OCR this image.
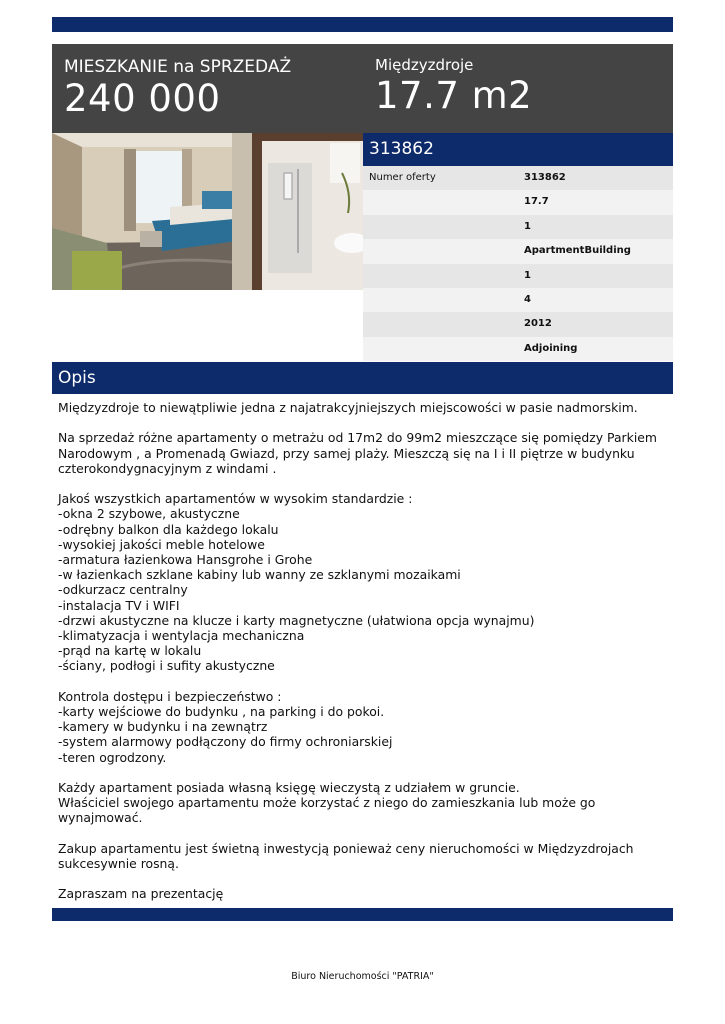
MIESZKANIE na SPRZEDAŻ
240 000
Międzyzdroje
17.7 m2
313862
Numer oferty	313862
17.7
1
ApartmentBuilding
1
4
2012
Adjoining
Opis

Międzyzdroje to niewątpliwie jedna z najatrakcyjniejszych miejscowości w pasie nadmorskim.

Na sprzedaż różne apartamenty o metrażu od 17m2 do 99m2 mieszczące się pomiędzy Parkiem
Narodowym , a Promenadą Gwiazd, przy samej plaży. Mieszczą się na I i II piętrze w budynku
czterokondygnacyjnym z windami .

Jakoś wszystkich apartamentów w wysokim standardzie :
-okna 2 szybowe, akustyczne
-odrębny balkon dla każdego lokalu
-wysokiej jakości meble hotelowe
-armatura łazienkowa Hansgrohe i Grohe
-w łazienkach szklane kabiny lub wanny ze szklanymi mozaikami
-odkurzacz centralny
-instalacja TV i WIFI
-drzwi akustyczne na klucze i karty magnetyczne (ułatwiona opcja wynajmu)
-klimatyzacja i wentylacja mechaniczna
-prąd na kartę w lokalu
-ściany, podłogi i sufity akustyczne

Kontrola dostępu i bezpieczeństwo :
-karty wejściowe do budynku , na parking i do pokoi.
-kamery w budynku i na zewnątrz
-system alarmowy podłączony do firmy ochroniarskiej
-teren ogrodzony.

Każdy apartament posiada własną księgę wieczystą z udziałem w gruncie.
Właściciel swojego apartamentu może korzystać z niego do zamieszkania lub może go
wynajmować.

Zakup apartamentu jest świetną inwestycją ponieważ ceny nieruchomości w Międzyzdrojach
sukcesywnie rosną.

Zapraszam na prezentację

Biuro Nieruchomości "PATRIA"
